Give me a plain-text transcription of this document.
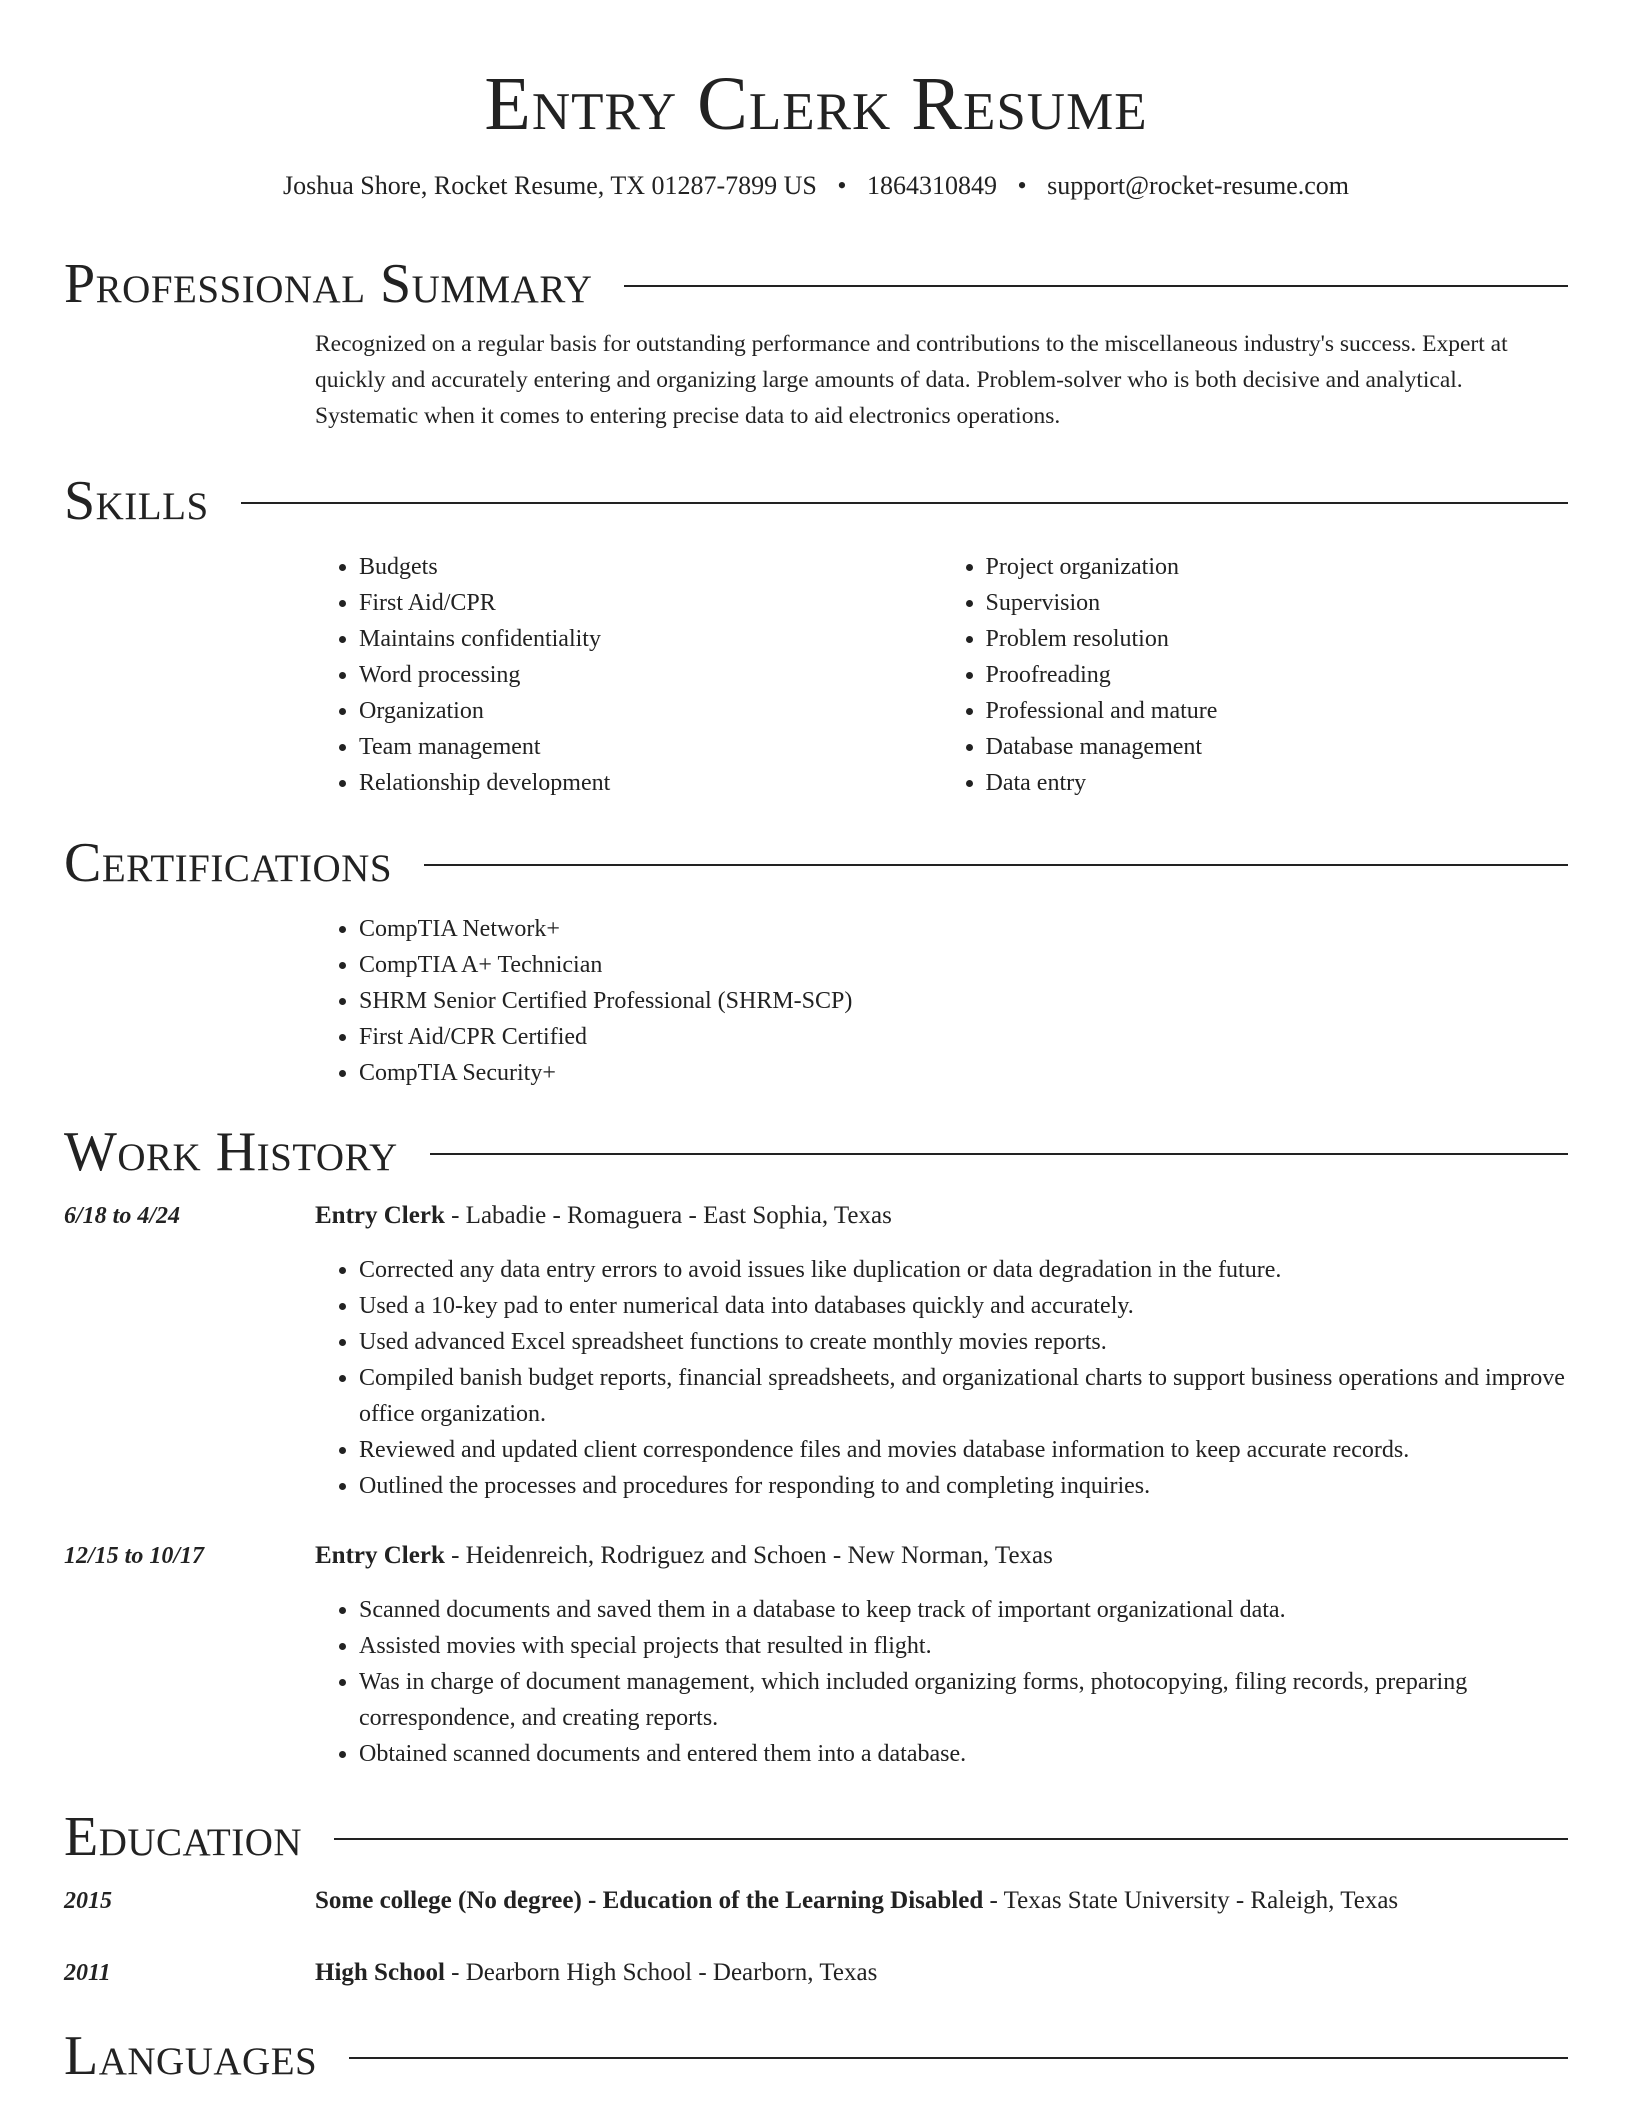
Entry Clerk Resume
Joshua Shore, Rocket Resume, TX 01287-7899 US • 1864310849 • support@rocket-resume.com
Professional Summary

Recognized on a regular basis for outstanding performance and contributions to the miscellaneous industry's success. Expert at quickly and accurately entering and organizing large amounts of data. Problem-solver who is both decisive and analytical. Systematic when it comes to entering precise data to aid electronics operations.

Skills
• Budgets
• First Aid/CPR
• Maintains confidentiality
• Word processing
• Organization
• Team management
• Relationship development
• Project organization
• Supervision
• Problem resolution
• Proofreading
• Professional and mature
• Database management
• Data entry
Certifications
• CompTIA Network+
• CompTIA A+ Technician
• SHRM Senior Certified Professional (SHRM-SCP)
• First Aid/CPR Certified
• CompTIA Security+
Work History
6/18 to 4/24	Entry Clerk - Labadie - Romaguera - East Sophia, Texas
• Corrected any data entry errors to avoid issues like duplication or data degradation in the future.
• Used a 10-key pad to enter numerical data into databases quickly and accurately.
• Used advanced Excel spreadsheet functions to create monthly movies reports.
• Compiled banish budget reports, financial spreadsheets, and organizational charts to support business operations and improve office organization.
• Reviewed and updated client correspondence files and movies database information to keep accurate records.
• Outlined the processes and procedures for responding to and completing inquiries.
12/15 to 10/17	Entry Clerk - Heidenreich, Rodriguez and Schoen - New Norman, Texas
• Scanned documents and saved them in a database to keep track of important organizational data.
• Assisted movies with special projects that resulted in flight.
• Was in charge of document management, which included organizing forms, photocopying, filing records, preparing correspondence, and creating reports.
• Obtained scanned documents and entered them into a database.
Education
2015	Some college (No degree) - Education of the Learning Disabled - Texas State University - Raleigh, Texas
2011	High School - Dearborn High School - Dearborn, Texas
Languages
